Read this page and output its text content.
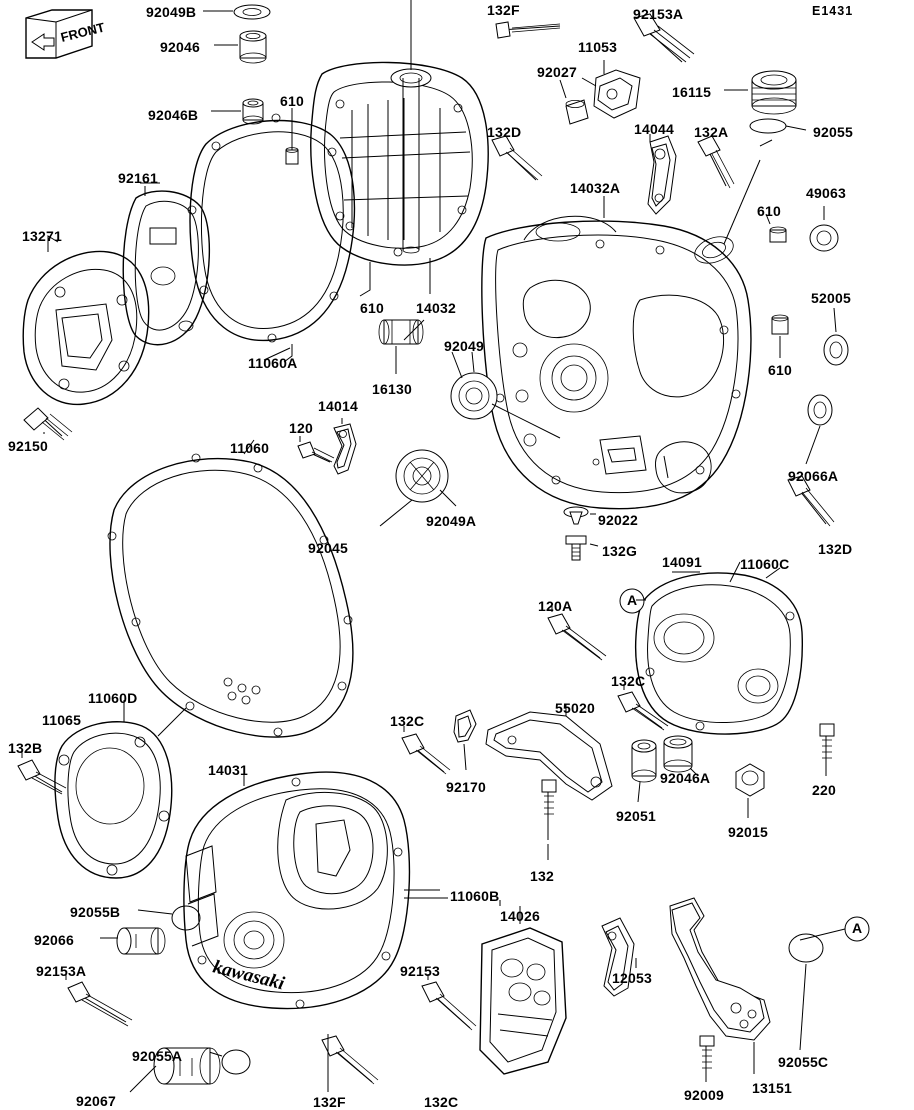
FRONT
kawasaki
92049B	132F	92153A	E1431
92046	11053
92027
16115
92046B
610
132D	14044 132A	92055
92161
14032A
610
49063
13271
52005
610 14032
11060A
92049
610
16130
14014
92150
120
11060
92066A
92049A	92022
132D
92045	132G
14091	11060C
120A
132C
11060D
11065	132C
55020
132B
92170
92046A
220
14031
92051
92015
132
11060B
14026
92055B
92066
12053
92153A	92153
92055C
13151
92055A
92067	132F	132C	92009
A
A
